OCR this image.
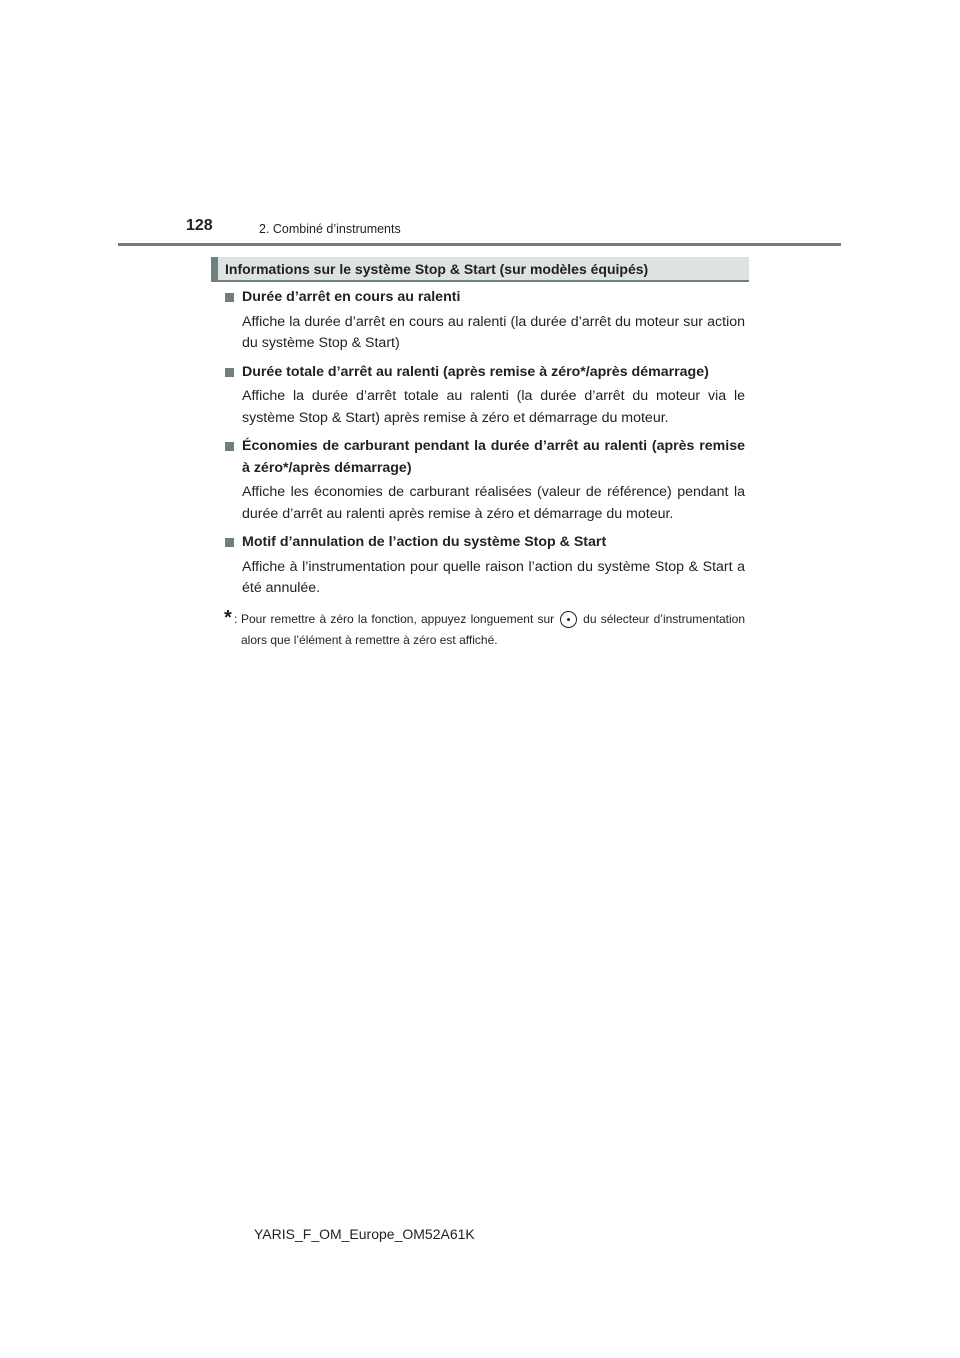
128	2. Combiné d’instruments
Informations sur le système Stop & Start (sur modèles équipés)
Durée d’arrêt en cours au ralenti
Affiche la durée d’arrêt en cours au ralenti (la durée d’arrêt du moteur sur action du système Stop & Start)
Durée totale d’arrêt au ralenti (après remise à zéro*/après démarrage)
Affiche la durée d’arrêt totale au ralenti (la durée d’arrêt du moteur via le système Stop & Start) après remise à zéro et démarrage du moteur.
Économies de carburant pendant la durée d’arrêt au ralenti (après remise à zéro*/après démarrage)
Affiche les économies de carburant réalisées (valeur de référence) pendant la durée d’arrêt au ralenti après remise à zéro et démarrage du moteur.
Motif d’annulation de l’action du système Stop & Start
Affiche à l’instrumentation pour quelle raison l’action du système Stop & Start a été annulée.
* : Pour remettre à zéro la fonction, appuyez longuement sur du sélecteur d’instrumentation alors que l’élément à remettre à zéro est affiché.
YARIS_F_OM_Europe_OM52A61K
